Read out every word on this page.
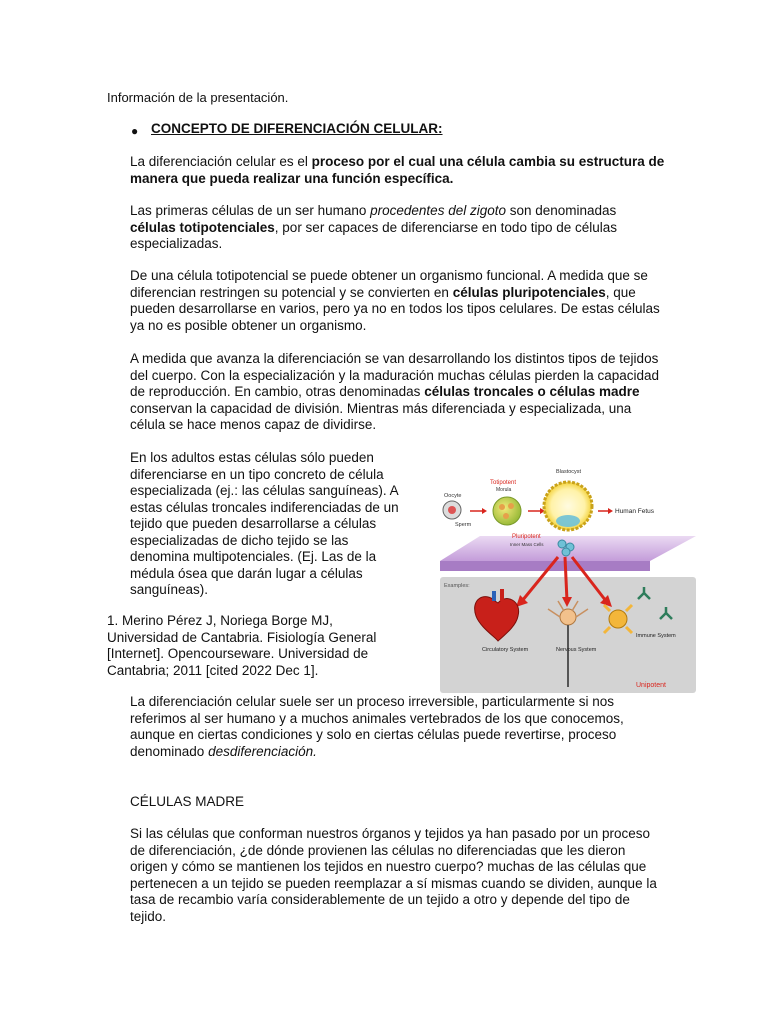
Información de la presentación.
● CONCEPTO DE DIFERENCIACIÓN CELULAR:

La diferenciación celular es el proceso por el cual una célula cambia su estructura de manera que pueda realizar una función específica.

Las primeras células de un ser humano procedentes del zigoto son denominadas células totipotenciales, por ser capaces de diferenciarse en todo tipo de células especializadas.

De una célula totipotencial se puede obtener un organismo funcional. A medida que se diferencian restringen su potencial y se convierten en células pluripotenciales, que pueden desarrollarse en varios, pero ya no en todos los tipos celulares. De estas células ya no es posible obtener un organismo.

A medida que avanza la diferenciación se van desarrollando los distintos tipos de tejidos del cuerpo. Con la especialización y la maduración muchas células pierden la capacidad de reproducción. En cambio, otras denominadas células troncales o células madre conservan la capacidad de división. Mientras más diferenciada y especializada, una célula se hace menos capaz de dividirse.

En los adultos estas células sólo pueden diferenciarse en un tipo concreto de célula especializada (ej.: las células sanguíneas). A estas células troncales indiferenciadas de un tejido que pueden desarrollarse a células especializadas de dicho tejido se las denomina multipotenciales. (Ej. Las de la médula ósea que darán lugar a células sanguíneas).

1. Merino Pérez J, Noriega Borge MJ, Universidad de Cantabria. Fisiología General [Internet]. Opencourseware. Universidad de Cantabria; 2011 [cited 2022 Dec 1].

Oocyte
Sperm
Totipotent
Morula
Blastocyst
Human Fetus
Pluripotent
Inner Mass Cells
Examples:
Circulatory System	Nervous System
Immune System
Unipotent

La diferenciación celular suele ser un proceso irreversible, particularmente si nos referimos al ser humano y a muchos animales vertebrados de los que conocemos, aunque en ciertas condiciones y solo en ciertas células puede revertirse, proceso denominado desdiferenciación.

CÉLULAS MADRE

Si las células que conforman nuestros órganos y tejidos ya han pasado por un proceso de diferenciación, ¿de dónde provienen las células no diferenciadas que les dieron origen y cómo se mantienen los tejidos en nuestro cuerpo? muchas de las células que pertenecen a un tejido se pueden reemplazar a sí mismas cuando se dividen, aunque la tasa de recambio varía considerablemente de un tejido a otro y depende del tipo de tejido.
